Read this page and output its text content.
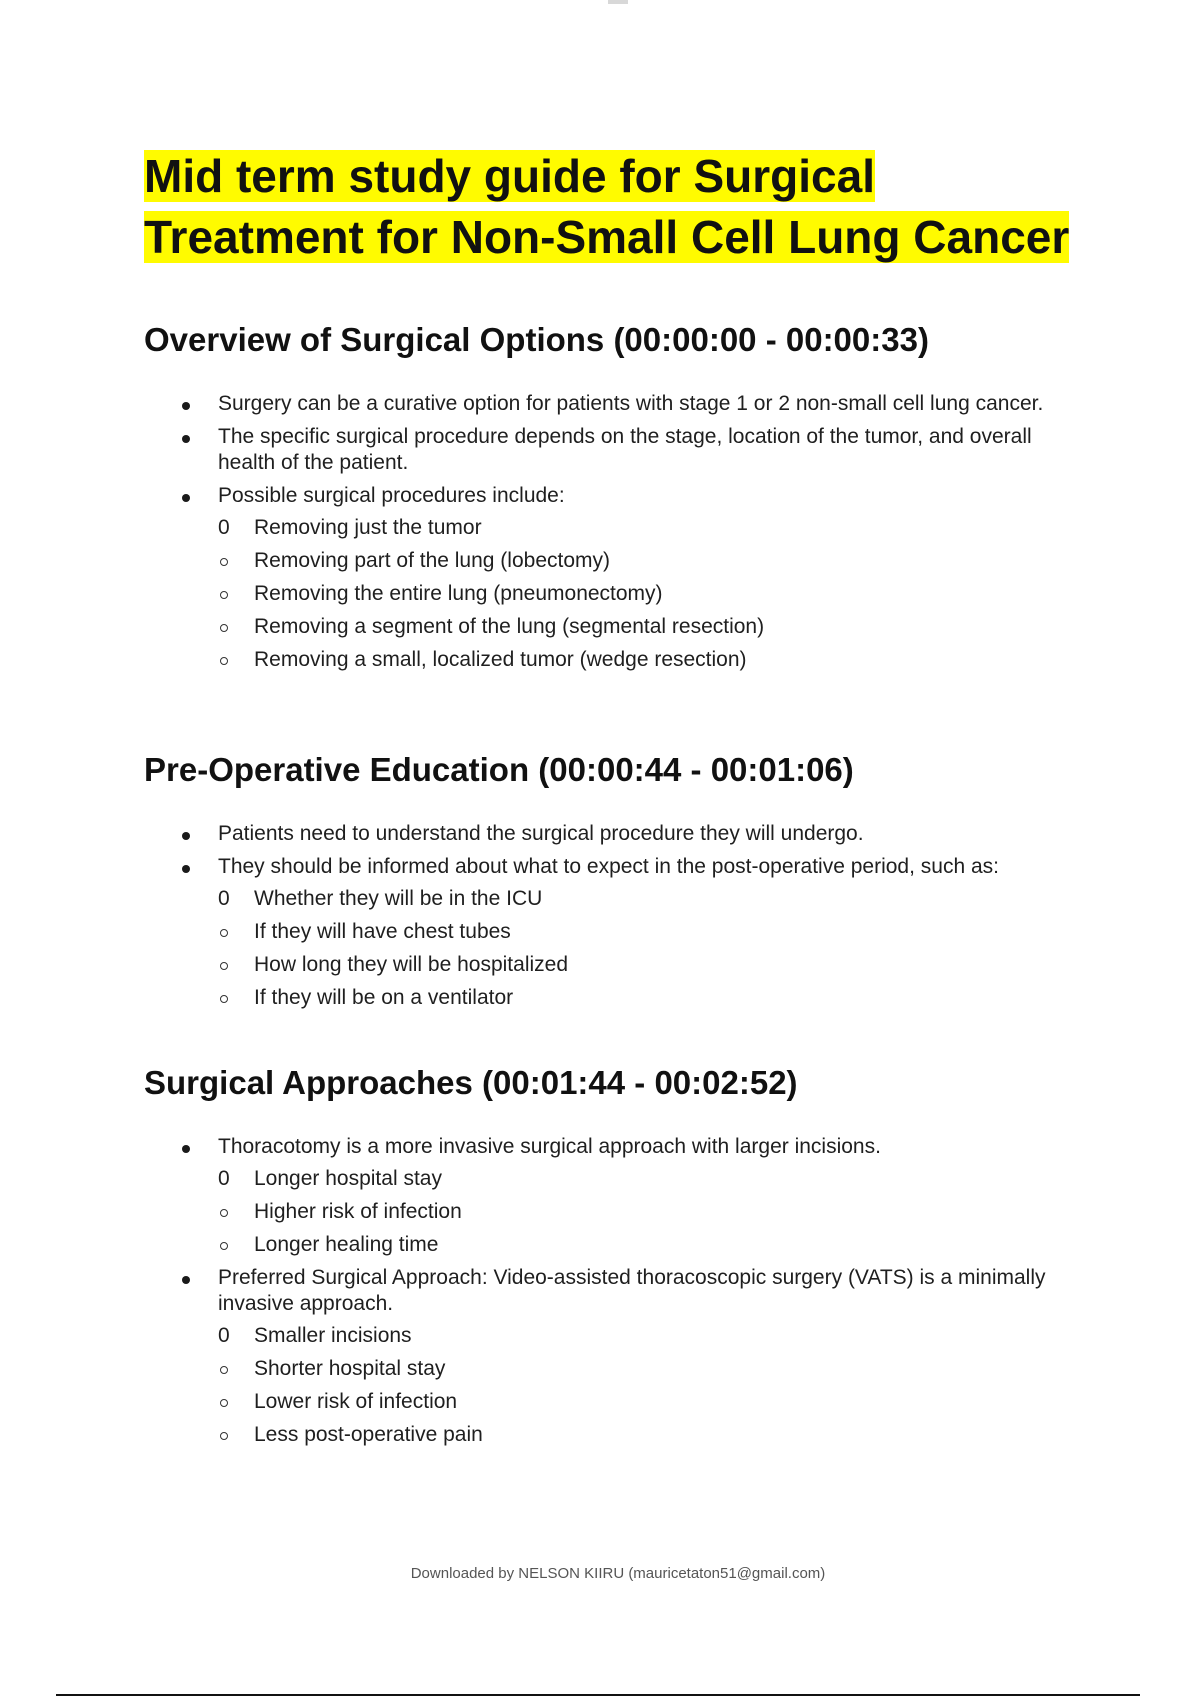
Mid term study guide for Surgical
Treatment for Non-Small Cell Lung Cancer
Overview of Surgical Options (00:00:00 - 00:00:33)
Surgery can be a curative option for patients with stage 1 or 2 non-small cell lung cancer.
The specific surgical procedure depends on the stage, location of the tumor, and overall health of the patient.
Possible surgical procedures include:
0 Removing just the tumor
Removing part of the lung (lobectomy)
Removing the entire lung (pneumonectomy)
Removing a segment of the lung (segmental resection)
Removing a small, localized tumor (wedge resection)
Pre-Operative Education (00:00:44 - 00:01:06)
Patients need to understand the surgical procedure they will undergo.
They should be informed about what to expect in the post-operative period, such as:
0 Whether they will be in the ICU
If they will have chest tubes
How long they will be hospitalized
If they will be on a ventilator
Surgical Approaches (00:01:44 - 00:02:52)
Thoracotomy is a more invasive surgical approach with larger incisions.
0 Longer hospital stay
Higher risk of infection
Longer healing time
Preferred Surgical Approach: Video-assisted thoracoscopic surgery (VATS) is a minimally invasive approach.
0 Smaller incisions
Shorter hospital stay
Lower risk of infection
Less post-operative pain
Downloaded by NELSON KIIRU (mauricetaton51@gmail.com)
